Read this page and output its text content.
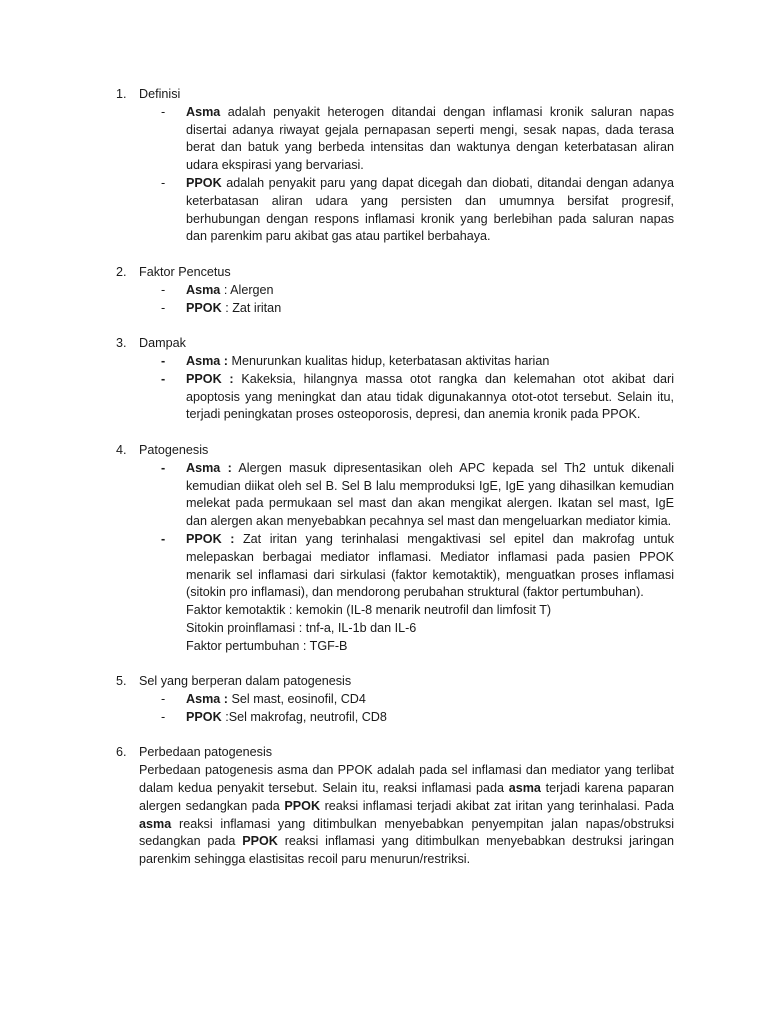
1. Definisi
- Asma adalah penyakit heterogen ditandai dengan inflamasi kronik saluran napas disertai adanya riwayat gejala pernapasan seperti mengi, sesak napas, dada terasa berat dan batuk yang berbeda intensitas dan waktunya dengan keterbatasan aliran udara ekspirasi yang bervariasi.
- PPOK adalah penyakit paru yang dapat dicegah dan diobati, ditandai dengan adanya keterbatasan aliran udara yang persisten dan umumnya bersifat progresif, berhubungan dengan respons inflamasi kronik yang berlebihan pada saluran napas dan parenkim paru akibat gas atau partikel berbahaya.
2. Faktor Pencetus
- Asma : Alergen
- PPOK : Zat iritan
3. Dampak
- Asma : Menurunkan kualitas hidup, keterbatasan aktivitas harian
- PPOK : Kakeksia, hilangnya massa otot rangka dan kelemahan otot akibat dari apoptosis yang meningkat dan atau tidak digunakannya otot-otot tersebut. Selain itu, terjadi peningkatan proses osteoporosis, depresi, dan anemia kronik pada PPOK.
4. Patogenesis
- Asma : Alergen masuk dipresentasikan oleh APC kepada sel Th2 untuk dikenali kemudian diikat oleh sel B. Sel B lalu memproduksi IgE, IgE yang dihasilkan kemudian melekat pada permukaan sel mast dan akan mengikat alergen. Ikatan sel mast, IgE dan alergen akan menyebabkan pecahnya sel mast dan mengeluarkan mediator kimia.
- PPOK : Zat iritan yang terinhalasi mengaktivasi sel epitel dan makrofag untuk melepaskan berbagai mediator inflamasi. Mediator inflamasi pada pasien PPOK menarik sel inflamasi dari sirkulasi (faktor kemotaktik), menguatkan proses inflamasi (sitokin pro inflamasi), dan mendorong perubahan struktural (faktor pertumbuhan).
Faktor kemotaktik : kemokin (IL-8 menarik neutrofil dan limfosit T)
Sitokin proinflamasi : tnf-a, IL-1b dan IL-6
Faktor pertumbuhan : TGF-B
5. Sel yang berperan dalam patogenesis
- Asma : Sel mast, eosinofil, CD4
- PPOK :Sel makrofag, neutrofil, CD8
6. Perbedaan patogenesis
Perbedaan patogenesis asma dan PPOK adalah pada sel inflamasi dan mediator yang terlibat dalam kedua penyakit tersebut. Selain itu, reaksi inflamasi pada asma terjadi karena paparan alergen sedangkan pada PPOK reaksi inflamasi terjadi akibat zat iritan yang terinhalasi. Pada asma reaksi inflamasi yang ditimbulkan menyebabkan penyempitan jalan napas/obstruksi sedangkan pada PPOK reaksi inflamasi yang ditimbulkan menyebabkan destruksi jaringan parenkim sehingga elastisitas recoil paru menurun/restriksi.
